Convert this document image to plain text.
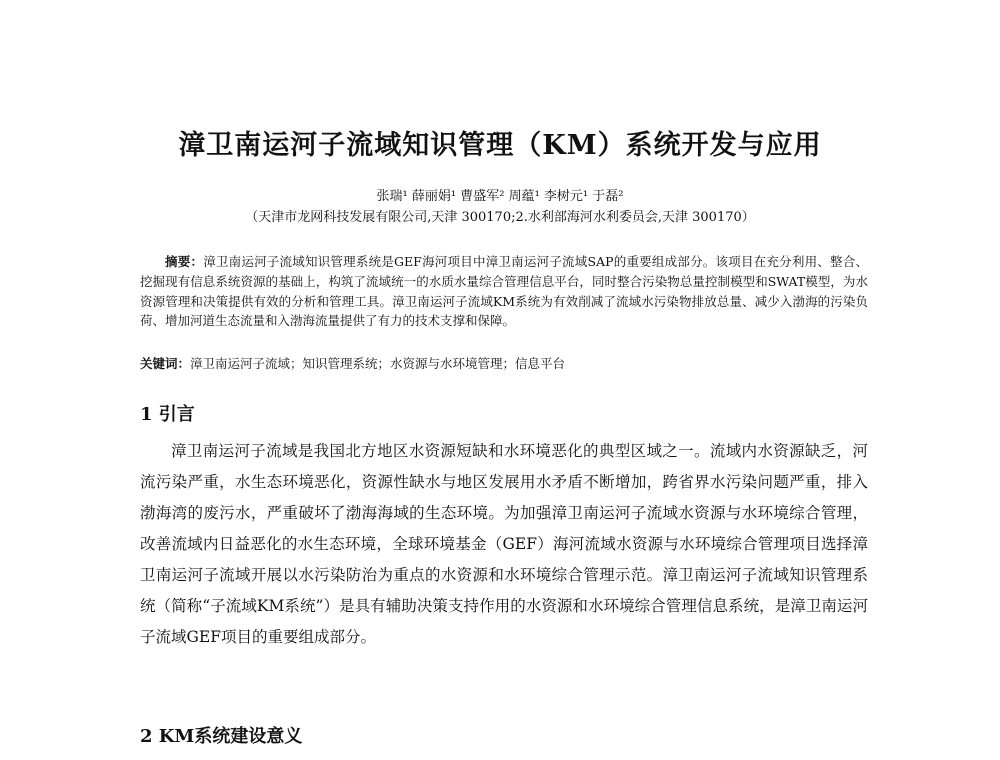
漳卫南运河子流域知识管理（KM）系统开发与应用
张瑞¹ 薛丽娟¹ 曹盛军² 周蕴¹ 李树元¹ 于磊²
（天津市龙网科技发展有限公司,天津 300170;2.水利部海河水利委员会,天津 300170）
摘要：漳卫南运河子流域知识管理系统是GEF海河项目中漳卫南运河子流域SAP的重要组成部分。该项目在充分利用、整合、挖掘现有信息系统资源的基础上，构筑了流域统一的水质水量综合管理信息平台，同时整合污染物总量控制模型和SWAT模型，为水资源管理和决策提供有效的分析和管理工具。漳卫南运河子流域KM系统为有效削减了流域水污染物排放总量、减少入渤海的污染负荷、增加河道生态流量和入渤海流量提供了有力的技术支撑和保障。
关键词：漳卫南运河子流域；知识管理系统；水资源与水环境管理；信息平台
1 引言

漳卫南运河子流域是我国北方地区水资源短缺和水环境恶化的典型区域之一。流域内水资源缺乏，河流污染严重，水生态环境恶化，资源性缺水与地区发展用水矛盾不断增加，跨省界水污染问题严重，排入渤海湾的废污水，严重破坏了渤海海域的生态环境。为加强漳卫南运河子流域水资源与水环境综合管理，改善流域内日益恶化的水生态环境，全球环境基金（GEF）海河流域水资源与水环境综合管理项目选择漳卫南运河子流域开展以水污染防治为重点的水资源和水环境综合管理示范。漳卫南运河子流域知识管理系统（简称“子流域KM系统”）是具有辅助决策支持作用的水资源和水环境综合管理信息系统，是漳卫南运河子流域GEF项目的重要组成部分。

2 KM系统建设意义
